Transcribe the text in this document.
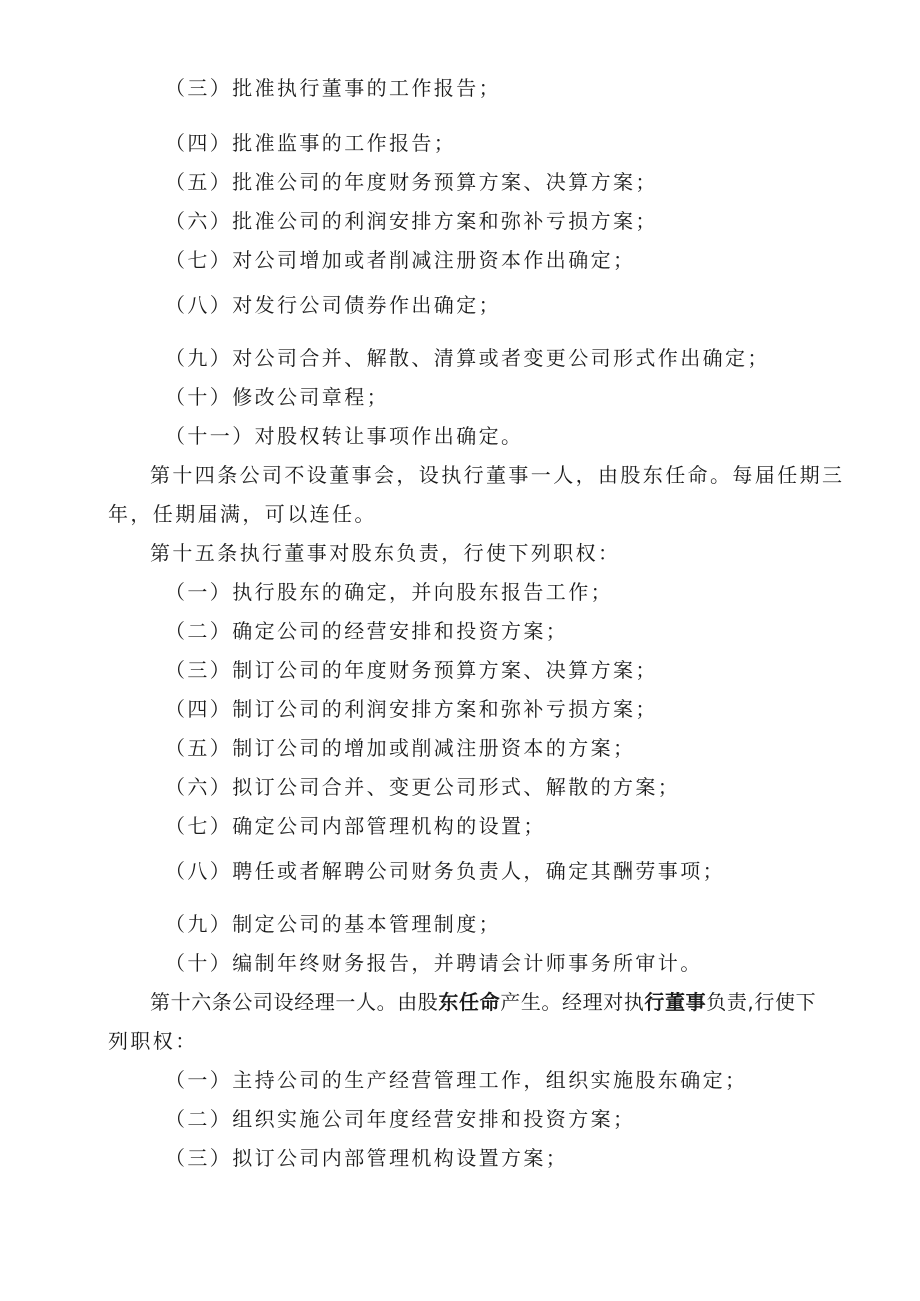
（三）批准执行董事的工作报告；
（四）批准监事的工作报告；
（五）批准公司的年度财务预算方案、决算方案；
（六）批准公司的利润安排方案和弥补亏损方案；
（七）对公司增加或者削减注册资本作出确定；
（八）对发行公司债券作出确定；
（九）对公司合并、解散、清算或者变更公司形式作出确定；
（十）修改公司章程；
（十一）对股权转让事项作出确定。
第十四条公司不设董事会，设执行董事一人，由股东任命。每届任期三
年，任期届满，可以连任。
第十五条执行董事对股东负责，行使下列职权：
（一）执行股东的确定，并向股东报告工作；
（二）确定公司的经营安排和投资方案；
（三）制订公司的年度财务预算方案、决算方案；
（四）制订公司的利润安排方案和弥补亏损方案；
（五）制订公司的增加或削减注册资本的方案；
（六）拟订公司合并、变更公司形式、解散的方案；
（七）确定公司内部管理机构的设置；
（八）聘任或者解聘公司财务负责人，确定其酬劳事项；
（九）制定公司的基本管理制度；
（十）编制年终财务报告，并聘请会计师事务所审计。
第十六条公司设经理一人。由股东任命产生。经理对执行董事负责,行使下
列职权：
（一）主持公司的生产经营管理工作，组织实施股东确定；
（二）组织实施公司年度经营安排和投资方案；
（三）拟订公司内部管理机构设置方案；
